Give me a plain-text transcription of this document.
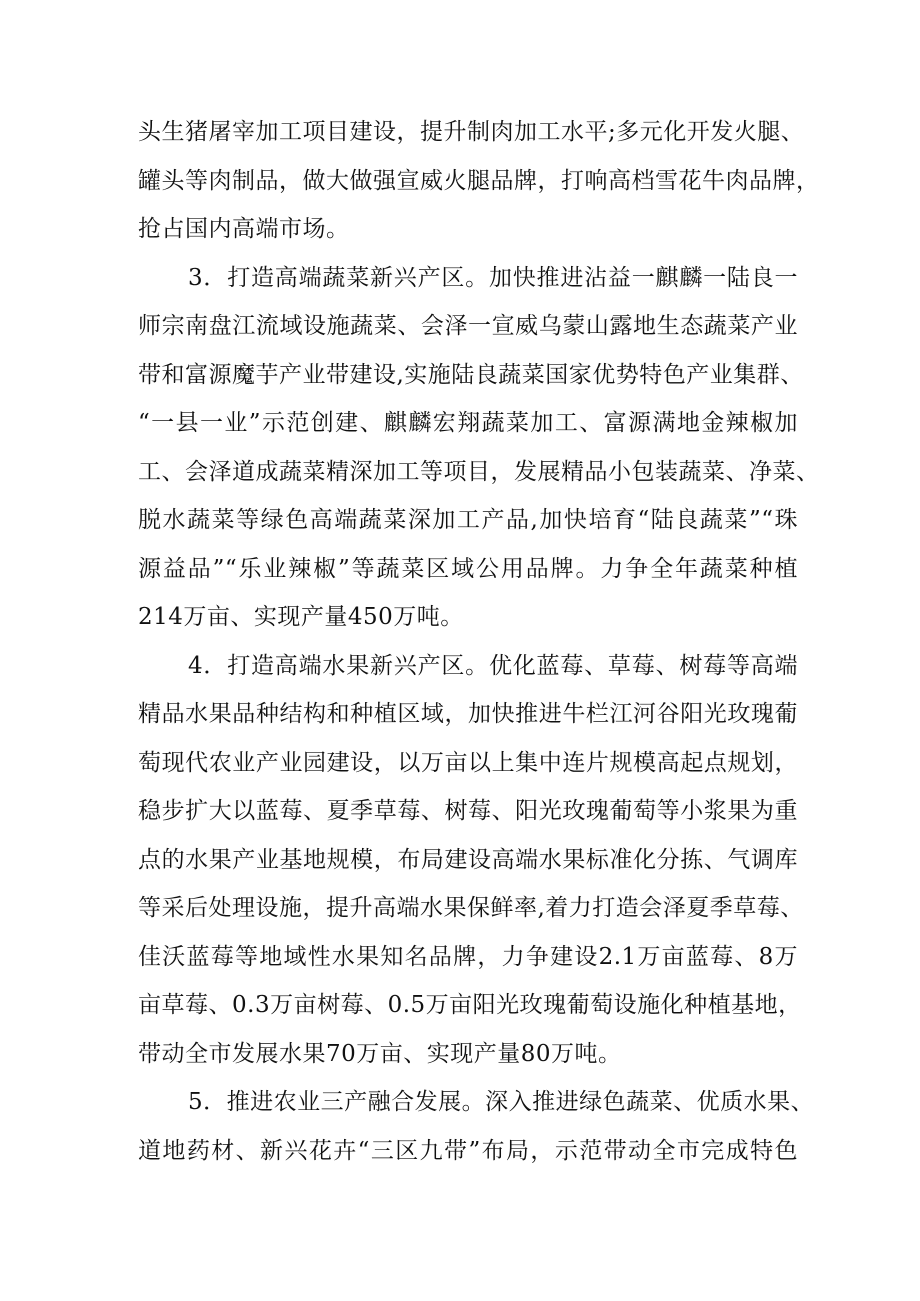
头生猪屠宰加工项目建设，提升制肉加工水平;多元化开发火腿、
罐头等肉制品，做大做强宣威火腿品牌，打响高档雪花牛肉品牌，
抢占国内高端市场。
3．打造高端蔬菜新兴产区。加快推进沾益一麒麟一陆良一
师宗南盘江流域设施蔬菜、会泽一宣威乌蒙山露地生态蔬菜产业
带和富源魔芋产业带建设,实施陆良蔬菜国家优势特色产业集群、
“一县一业”示范创建、麒麟宏翔蔬菜加工、富源满地金辣椒加
工、会泽道成蔬菜精深加工等项目，发展精品小包装蔬菜、净菜、
脱水蔬菜等绿色高端蔬菜深加工产品,加快培育“陆良蔬菜”“珠
源益品”“乐业辣椒”等蔬菜区域公用品牌。力争全年蔬菜种植
214万亩、实现产量450万吨。
4．打造高端水果新兴产区。优化蓝莓、草莓、树莓等高端
精品水果品种结构和种植区域，加快推进牛栏江河谷阳光玫瑰葡
萄现代农业产业园建设，以万亩以上集中连片规模高起点规划，
稳步扩大以蓝莓、夏季草莓、树莓、阳光玫瑰葡萄等小浆果为重
点的水果产业基地规模，布局建设高端水果标准化分拣、气调库
等采后处理设施，提升高端水果保鲜率,着力打造会泽夏季草莓、
佳沃蓝莓等地域性水果知名品牌，力争建设2.1万亩蓝莓、8万
亩草莓、0.3万亩树莓、0.5万亩阳光玫瑰葡萄设施化种植基地，
带动全市发展水果70万亩、实现产量80万吨。
5．推进农业三产融合发展。深入推进绿色蔬菜、优质水果、
道地药材、新兴花卉“三区九带”布局，示范带动全市完成特色
